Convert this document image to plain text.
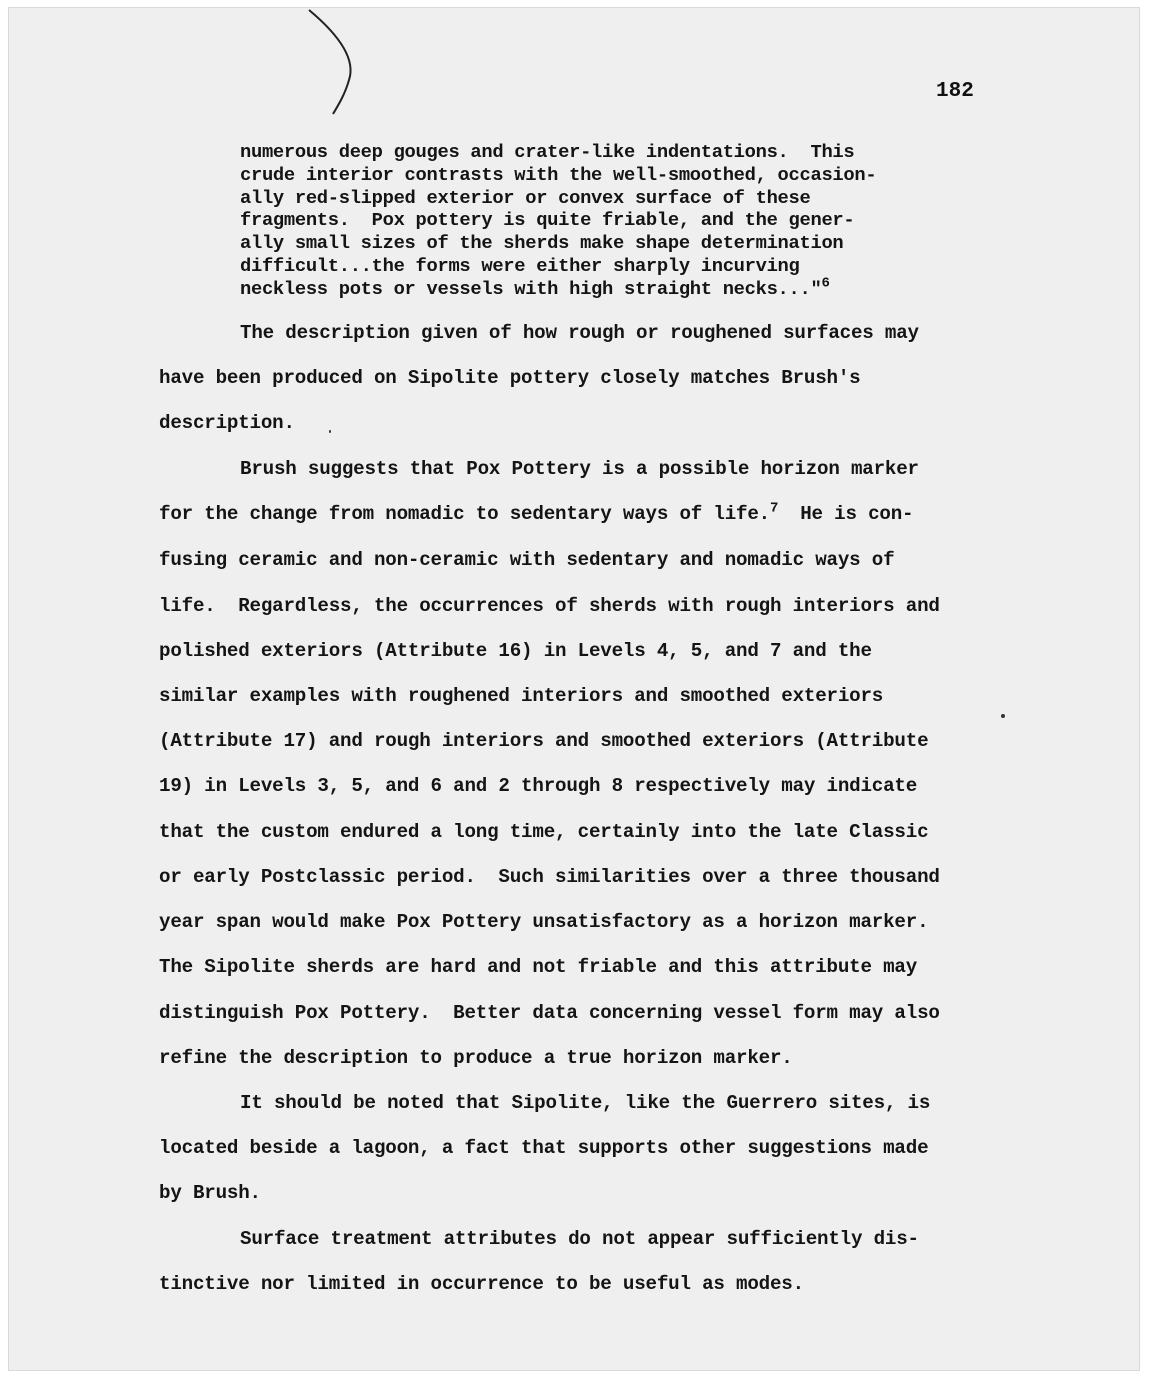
182
numerous deep gouges and crater-like indentations.  This
crude interior contrasts with the well-smoothed, occasion-
ally red-slipped exterior or convex surface of these
fragments.  Pox pottery is quite friable, and the gener-
ally small sizes of the sherds make shape determination
difficult...the forms were either sharply incurving
neckless pots or vessels with high straight necks..."$^6$
The description given of how rough or roughened surfaces may
have been produced on Sipolite pottery closely matches Brush's
description.
Brush suggests that Pox Pottery is a possible horizon marker
for the change from nomadic to sedentary ways of life.$^7$ He is con-
fusing ceramic and non-ceramic with sedentary and nomadic ways of
life.  Regardless, the occurrences of sherds with rough interiors and
polished exteriors (Attribute 16) in Levels 4, 5, and 7 and the
similar examples with roughened interiors and smoothed exteriors
(Attribute 17) and rough interiors and smoothed exteriors (Attribute
19) in Levels 3, 5, and 6 and 2 through 8 respectively may indicate
that the custom endured a long time, certainly into the late Classic
or early Postclassic period.  Such similarities over a three thousand
year span would make Pox Pottery unsatisfactory as a horizon marker.
The Sipolite sherds are hard and not friable and this attribute may
distinguish Pox Pottery.  Better data concerning vessel form may also
refine the description to produce a true horizon marker.
It should be noted that Sipolite, like the Guerrero sites, is
located beside a lagoon, a fact that supports other suggestions made
by Brush.
Surface treatment attributes do not appear sufficiently dis-
tinctive nor limited in occurrence to be useful as modes.
